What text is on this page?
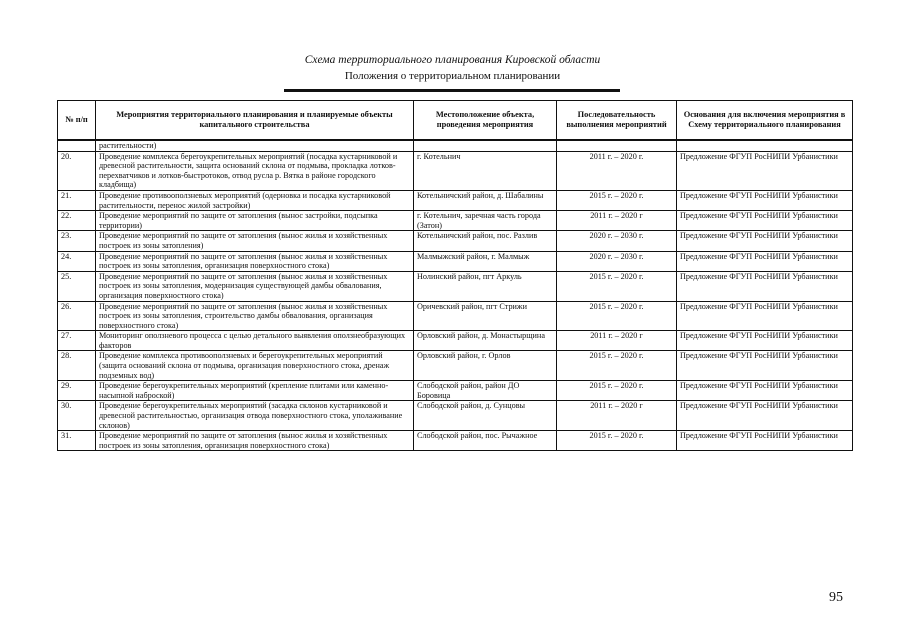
Схема территориального планирования Кировской области
Положения о территориальном планировании
№ п/п	Мероприятия территориального планирования и планируемые объекты капитального строительства	Местоположение объекта, проведения мероприятия	Последовательность выполнения мероприятий	Основания для включения мероприятия в Схему территориального планирования
	растительности)			
20.	Проведение комплекса берегоукрепительных мероприятий (посадка кустарниковой и древесной растительности, защита оснований склона от подмыва, прокладка лотков-перехватчиков и лотков-быстротоков, отвод русла р. Вятка в районе городского кладбища)	г. Котельнич	2011 г. – 2020 г.	Предложение ФГУП РосНИПИ Урбанистики
21.	Проведение противооползневых мероприятий (одерновка и посадка кустарниковой растительности, перенос жилой застройки)	Котельничский район, д. Шабалины	2015 г. – 2020 г.	Предложение ФГУП РосНИПИ Урбанистики
22.	Проведение мероприятий по защите от затопления (вынос застройки, подсыпка территории)	г. Котельнич, заречная часть города (Затон)	2011 г. – 2020 г	Предложение ФГУП РосНИПИ Урбанистики
23.	Проведение мероприятий по защите от затопления (вынос жилья и хозяйственных построек из зоны затопления)	Котельничский район, пос. Разлив	2020 г. – 2030 г.	Предложение ФГУП РосНИПИ Урбанистики
24.	Проведение мероприятий по защите от затопления (вынос жилья и хозяйственных построек из зоны затопления, организация поверхностного стока)	Малмыжский район, г. Малмыж	2020 г. – 2030 г.	Предложение ФГУП РосНИПИ Урбанистики
25.	Проведение мероприятий по защите от затопления (вынос жилья и хозяйственных построек из зоны затопления, модернизация существующей дамбы обвалования, организация поверхностного стока)	Нолинский район, пгт Аркуль	2015 г. – 2020 г.	Предложение ФГУП РосНИПИ Урбанистики
26.	Проведение мероприятий по защите от затопления (вынос жилья и хозяйственных построек из зоны затопления, строительство дамбы обвалования, организация поверхностного стока)	Оричевский район, пгт Стрижи	2015 г. – 2020 г.	Предложение ФГУП РосНИПИ Урбанистики
27.	Мониторинг оползневого процесса с целью детального выявления оползнеобразующих факторов	Орловский район, д. Монастырщина	2011 г. – 2020 г	Предложение ФГУП РосНИПИ Урбанистики
28.	Проведение комплекса противооползневых и берегоукрепительных мероприятий (защита оснований склона от подмыва, организация поверхностного стока, дренаж подземных вод)	Орловский район, г. Орлов	2015 г. – 2020 г.	Предложение ФГУП РосНИПИ Урбанистики
29.	Проведение берегоукрепительных мероприятий (крепление плитами или каменно-насыпной наброской)	Слободской район, район ДО Боровица	2015 г. – 2020 г.	Предложение ФГУП РосНИПИ Урбанистики
30.	Проведение берегоукрепительных мероприятий (засадка склонов кустарниковой и древесной растительностью, организация отвода поверхностного стока, уполаживание склонов)	Слободской район, д. Сунцовы	2011 г. – 2020 г	Предложение ФГУП РосНИПИ Урбанистики
31.	Проведение мероприятий по защите от затопления (вынос жилья и хозяйственных построек из зоны затопления, организация поверхностного стока)	Слободской район, пос. Рычажное	2015 г. – 2020 г.	Предложение ФГУП РосНИПИ Урбанистики
95
